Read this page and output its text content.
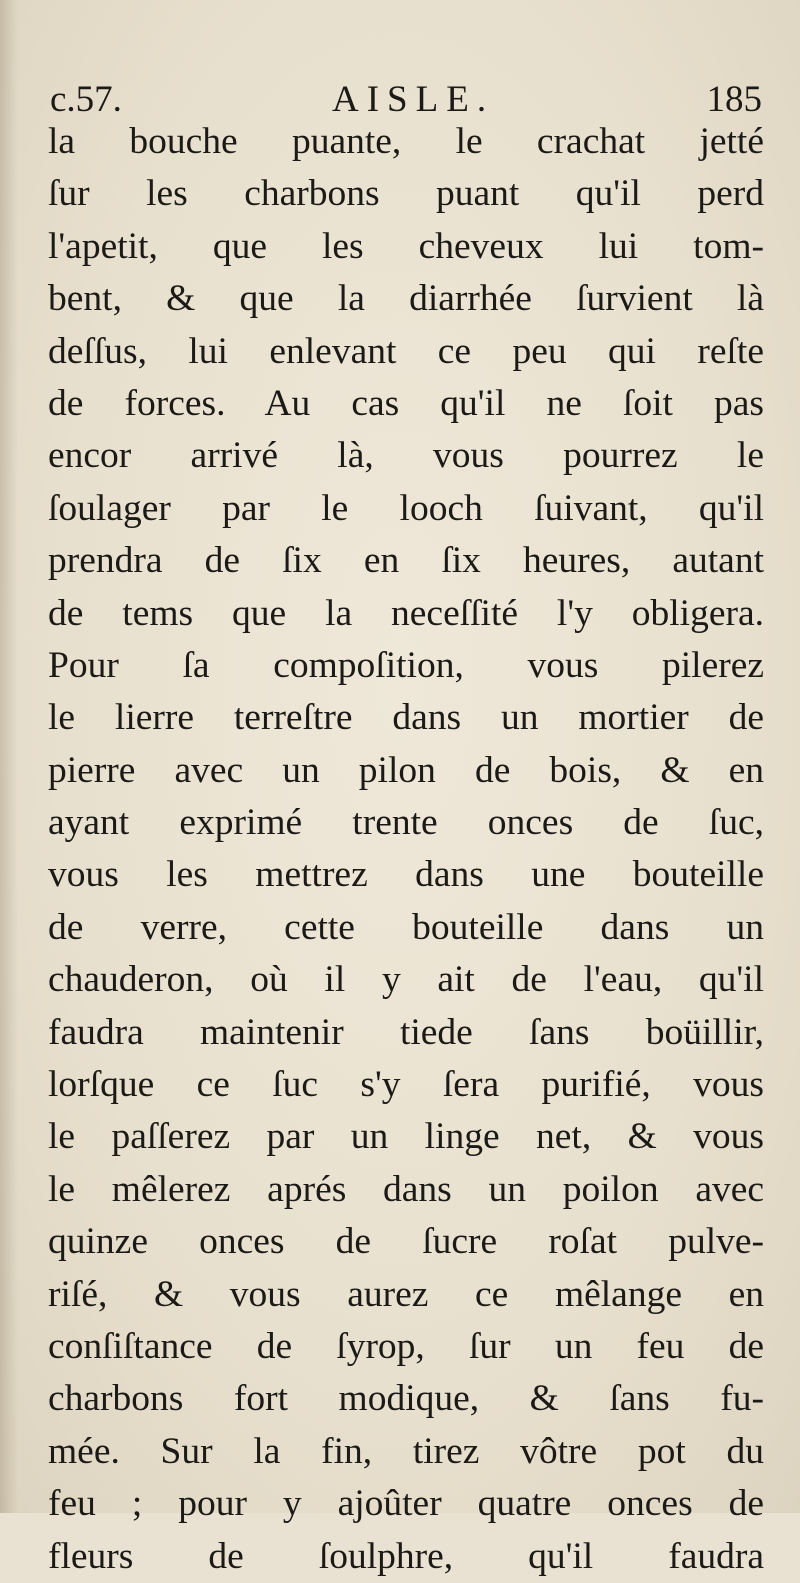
c.57.	AISLE.	185
la bouche puante, le crachat jetté
ſur les charbons puant qu'il perd
l'apetit, que les cheveux lui tom-
bent, & que la diarrhée ſurvient là
deſſus, lui enlevant ce peu qui reſte
de forces. Au cas qu'il ne ſoit pas
encor arrivé là, vous pourrez le
ſoulager par le looch ſuivant, qu'il
prendra de ſix en ſix heures, autant
de tems que la neceſſité l'y obligera.
Pour ſa compoſition, vous pilerez
le lierre terreſtre dans un mortier de
pierre avec un pilon de bois, & en
ayant exprimé trente onces de ſuc,
vous les mettrez dans une bouteille
de verre, cette bouteille dans un
chauderon, où il y ait de l'eau, qu'il
faudra maintenir tiede ſans boüillir,
lorſque ce ſuc s'y ſera purifié, vous
le paſſerez par un linge net, & vous
le mêlerez aprés dans un poilon avec
quinze onces de ſucre roſat pulve-
riſé, & vous aurez ce mêlange en
conſiſtance de ſyrop, ſur un feu de
charbons fort modique, & ſans fu-
mée. Sur la fin, tirez vôtre pot du
feu ; pour y ajoûter quatre onces de
fleurs de ſoulphre, qu'il faudra
